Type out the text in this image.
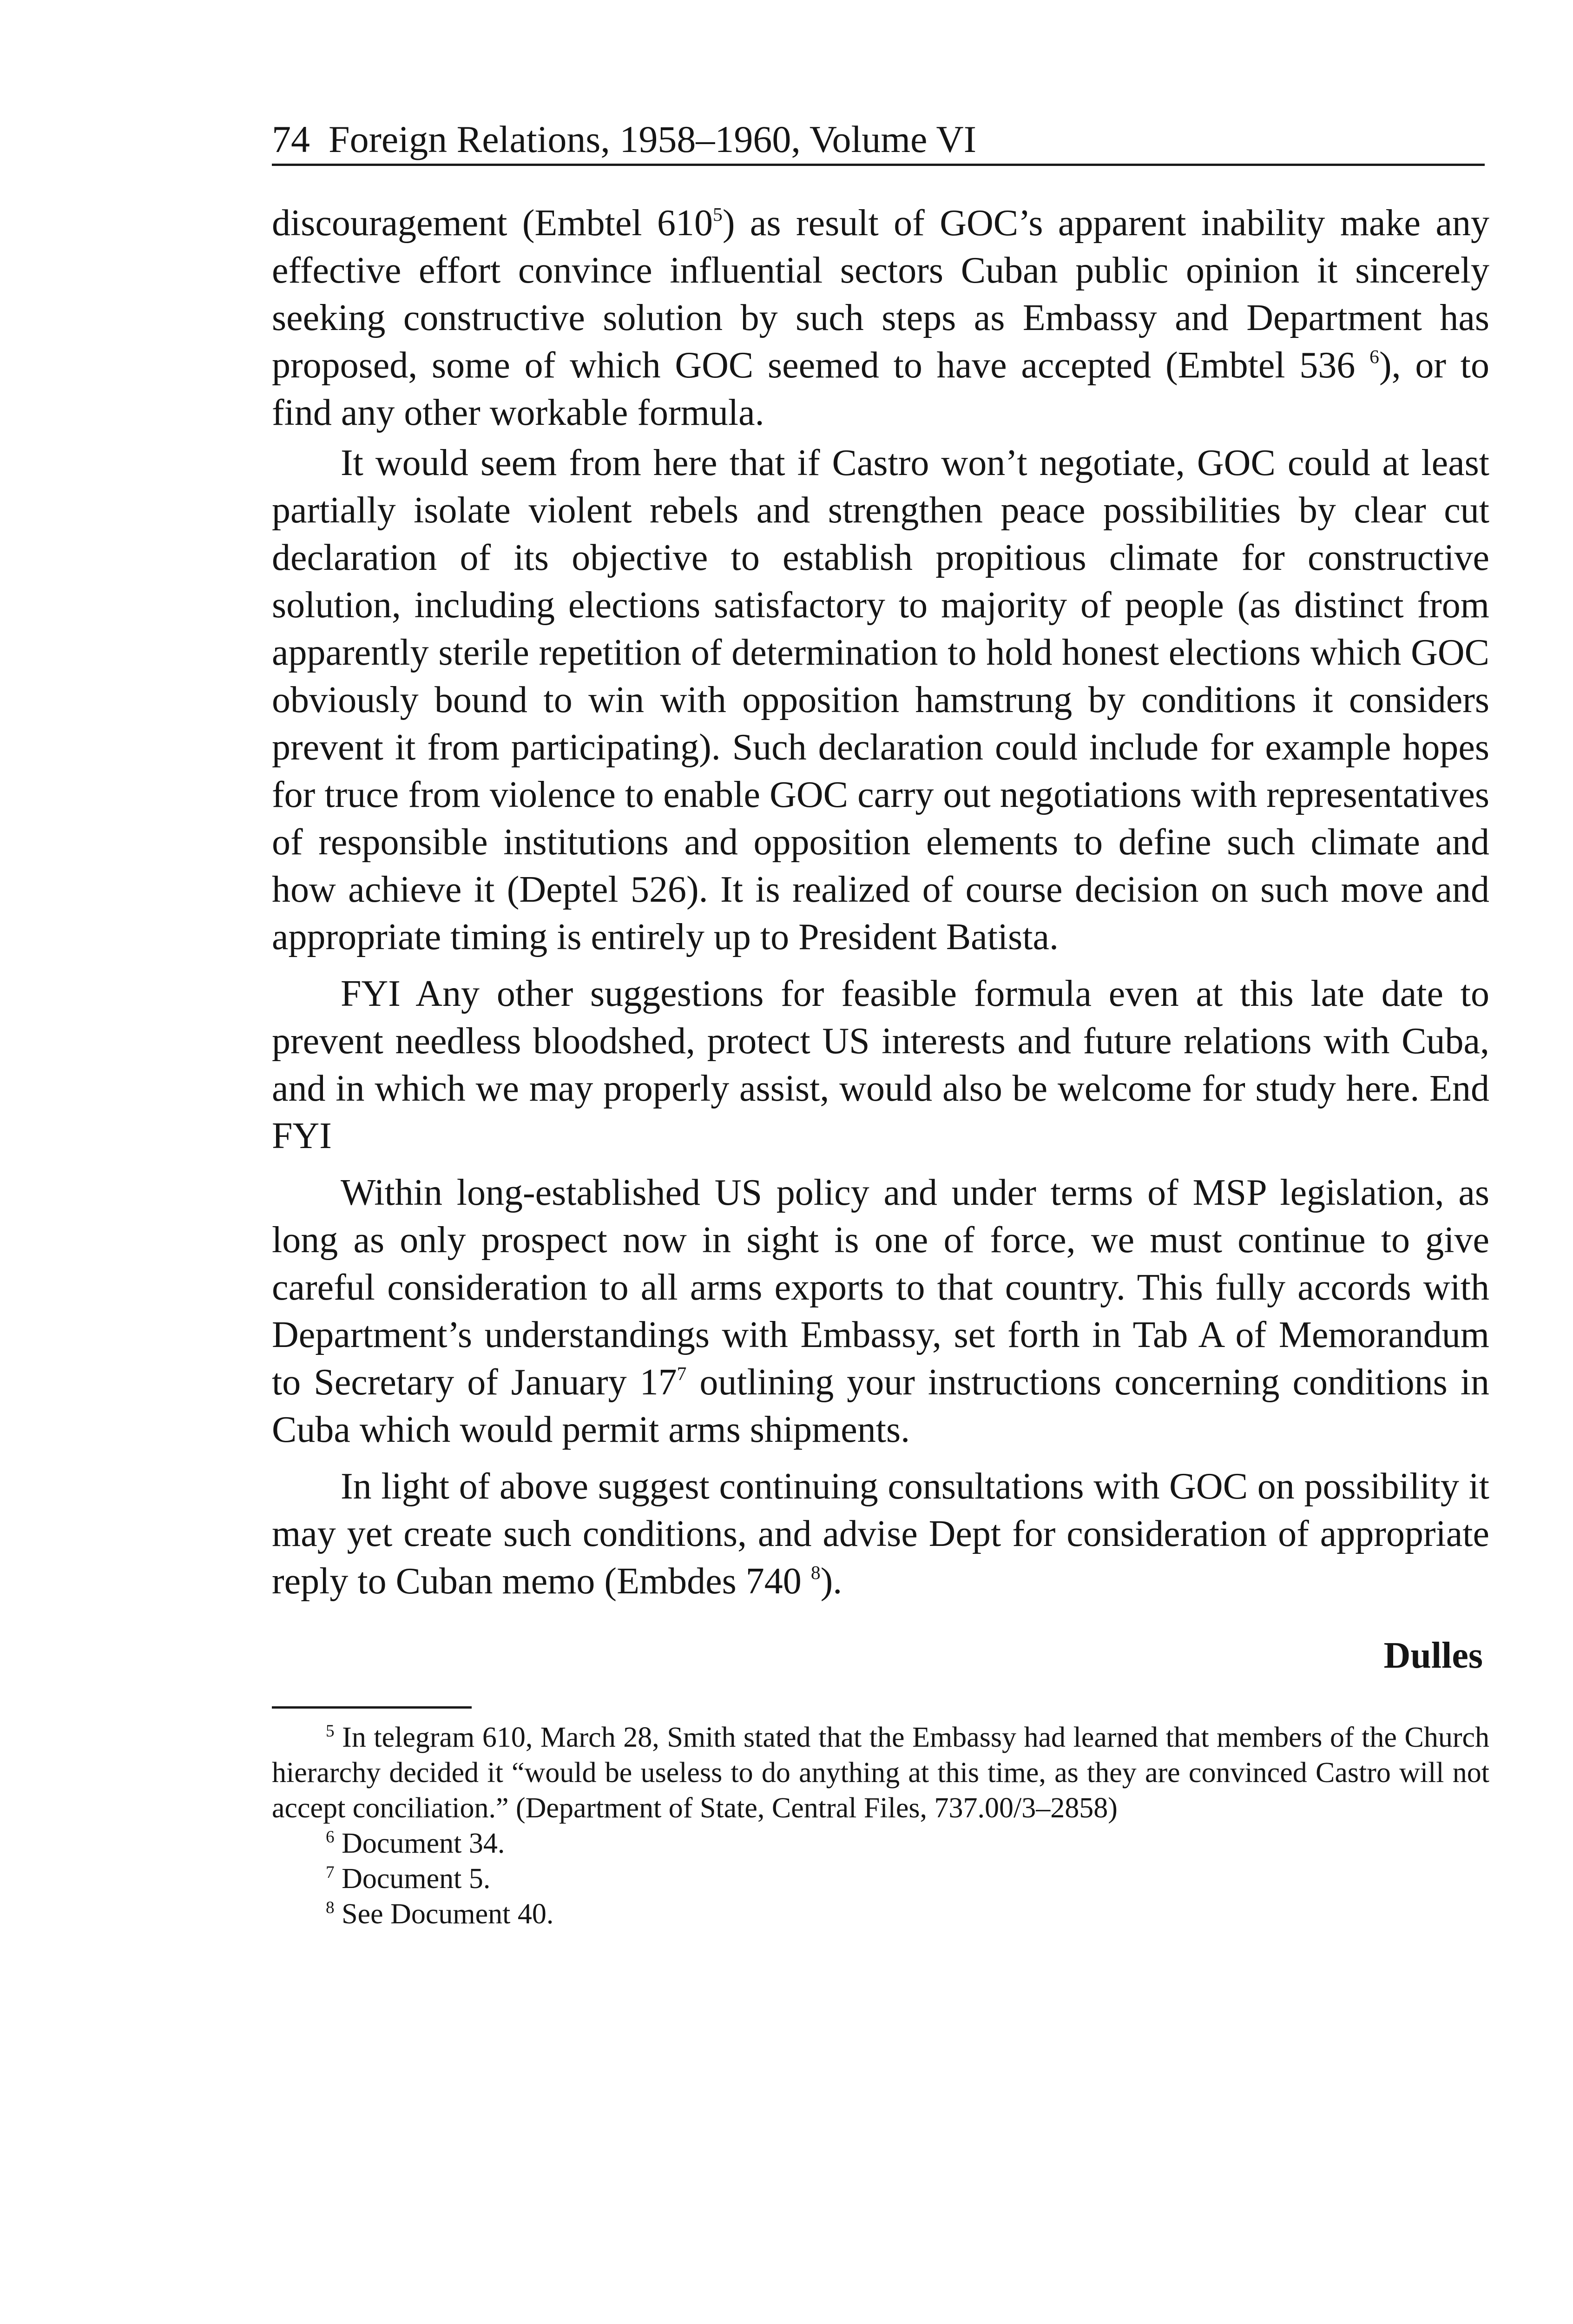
74 Foreign Relations, 1958–1960, Volume VI

discouragement (Embtel $610^5$) as result of GOC’s apparent inability make any effective effort convince influential sectors Cuban public opinion it sincerely seeking constructive solution by such steps as Embassy and Department has proposed, some of which GOC seemed to have accepted (Embtel 536 $^6$), or to find any other workable formula.

It would seem from here that if Castro won’t negotiate, GOC could at least partially isolate violent rebels and strengthen peace possibilities by clear cut declaration of its objective to establish propitious climate for constructive solution, including elections satisfactory to majority of people (as distinct from apparently sterile repetition of determination to hold honest elections which GOC obviously bound to win with opposition hamstrung by conditions it considers prevent it from participating). Such declaration could include for example hopes for truce from violence to enable GOC carry out negotiations with representatives of responsible institutions and opposition elements to define such climate and how achieve it (Deptel 526). It is realized of course decision on such move and appropriate timing is entirely up to President Batista.

FYI Any other suggestions for feasible formula even at this late date to prevent needless bloodshed, protect US interests and future relations with Cuba, and in which we may properly assist, would also be welcome for study here. End FYI

Within long-established US policy and under terms of MSP legislation, as long as only prospect now in sight is one of force, we must continue to give careful consideration to all arms exports to that country. This fully accords with Department’s understandings with Embassy, set forth in Tab A of Memorandum to Secretary of January $17^7$ outlining your instructions concerning conditions in Cuba which would permit arms shipments.

In light of above suggest continuing consultations with GOC on possibility it may yet create such conditions, and advise Dept for consideration of appropriate reply to Cuban memo (Embdes 740 $^8$).

Dulles

$^5$ In telegram 610, March 28, Smith stated that the Embassy had learned that members of the Church hierarchy decided it “would be useless to do anything at this time, as they are convinced Castro will not accept conciliation.” (Department of State, Central Files, 737.00/3–2858)

$^6$ Document 34.

$^7$ Document 5.

$^8$ See Document 40.
